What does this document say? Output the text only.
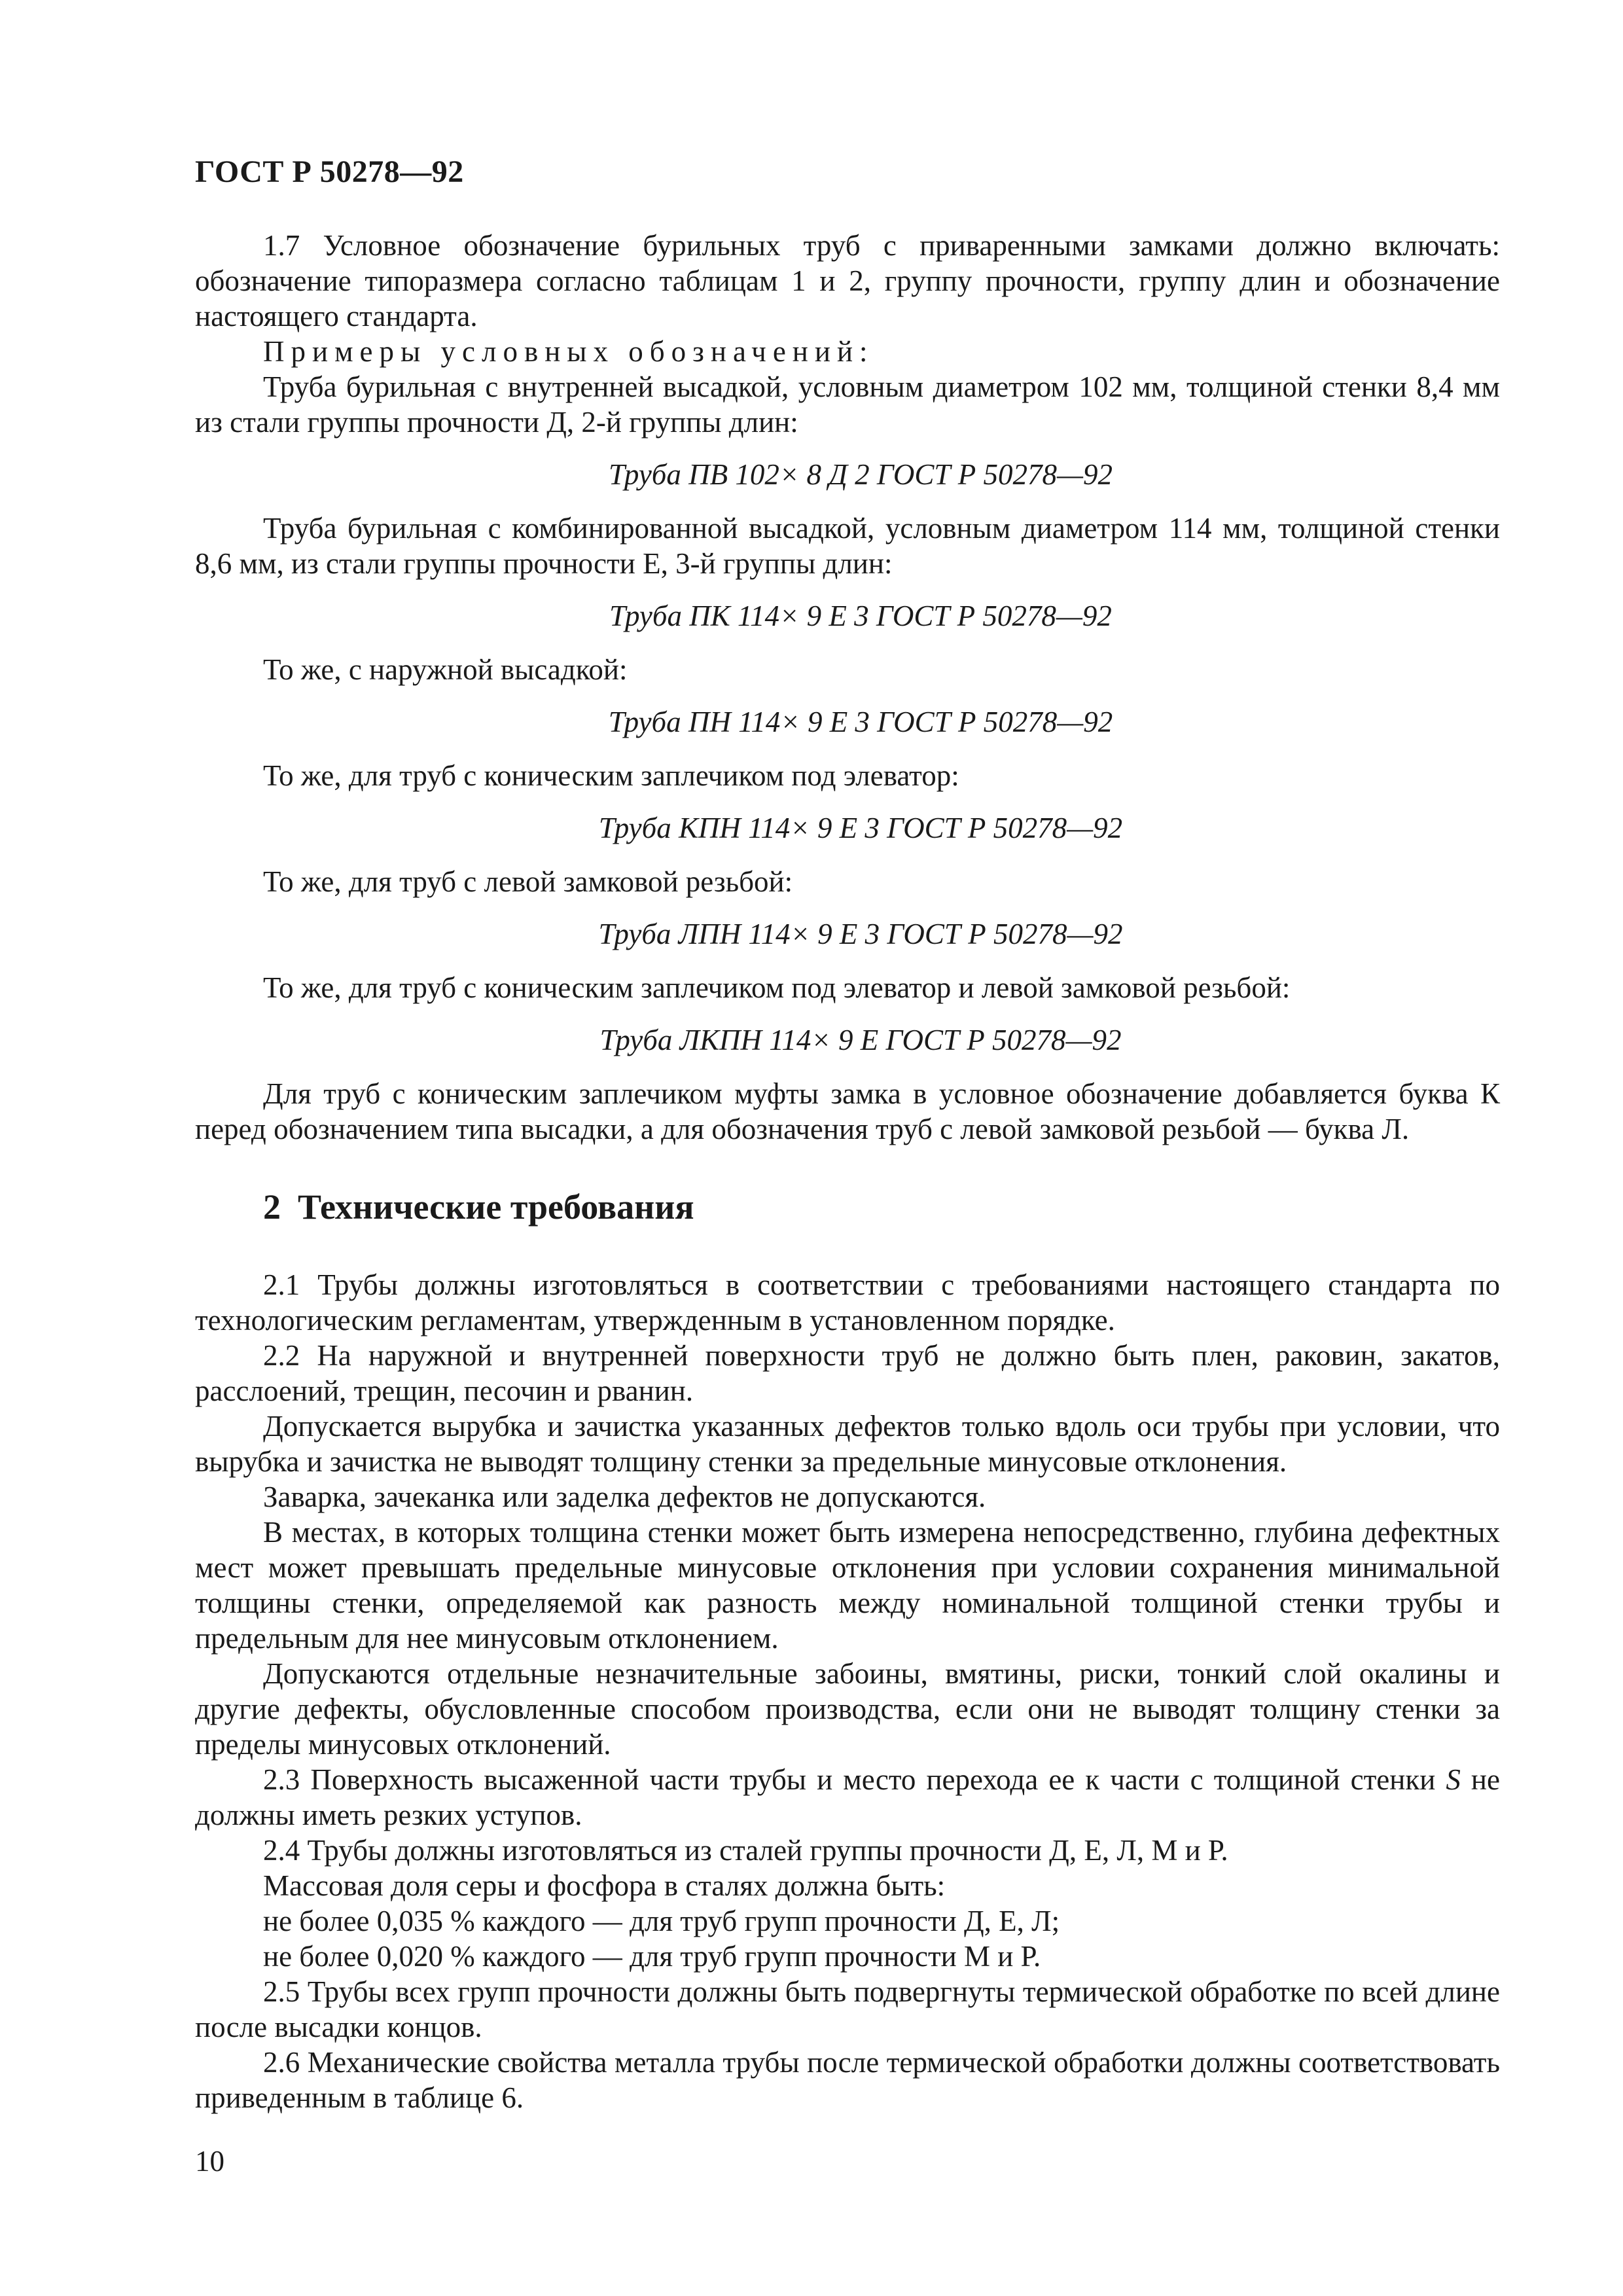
ГОСТ Р 50278—92

1.7 Условное обозначение бурильных труб с приваренными замками должно включать: обозначение типоразмера согласно таблицам 1 и 2, группу прочности, группу длин и обозначение настоящего стандарта.

Примеры условных обозначений:

Труба бурильная с внутренней высадкой, условным диаметром 102 мм, толщиной стенки 8,4 мм из стали группы прочности Д, 2-й группы длин:

Труба ПВ 102× 8 Д 2 ГОСТ Р 50278—92

Труба бурильная с комбинированной высадкой, условным диаметром 114 мм, толщиной стенки 8,6 мм, из стали группы прочности Е, 3-й группы длин:

Труба ПК 114× 9 Е 3 ГОСТ Р 50278—92

То же, с наружной высадкой:

Труба ПН 114× 9 Е 3 ГОСТ Р 50278—92

То же, для труб с коническим заплечиком под элеватор:

Труба КПН 114× 9 Е 3 ГОСТ Р 50278—92

То же, для труб с левой замковой резьбой:

Труба ЛПН 114× 9 Е 3 ГОСТ Р 50278—92

То же, для труб с коническим заплечиком под элеватор и левой замковой резьбой:

Труба ЛКПН 114× 9 Е ГОСТ Р 50278—92

Для труб с коническим заплечиком муфты замка в условное обозначение добавляется буква К перед обозначением типа высадки, а для обозначения труб с левой замковой резьбой — буква Л.

2 Технические требования

2.1 Трубы должны изготовляться в соответствии с требованиями настоящего стандарта по технологическим регламентам, утвержденным в установленном порядке.

2.2 На наружной и внутренней поверхности труб не должно быть плен, раковин, закатов, расслоений, трещин, песочин и рванин.

Допускается вырубка и зачистка указанных дефектов только вдоль оси трубы при условии, что вырубка и зачистка не выводят толщину стенки за предельные минусовые отклонения.

Заварка, зачеканка или заделка дефектов не допускаются.

В местах, в которых толщина стенки может быть измерена непосредственно, глубина дефектных мест может превышать предельные минусовые отклонения при условии сохранения минимальной толщины стенки, определяемой как разность между номинальной толщиной стенки трубы и предельным для нее минусовым отклонением.

Допускаются отдельные незначительные забоины, вмятины, риски, тонкий слой окалины и другие дефекты, обусловленные способом производства, если они не выводят толщину стенки за пределы минусовых отклонений.

2.3 Поверхность высаженной части трубы и место перехода ее к части с толщиной стенки S не должны иметь резких уступов.

2.4 Трубы должны изготовляться из сталей группы прочности Д, Е, Л, М и Р.

Массовая доля серы и фосфора в сталях должна быть:

не более 0,035 % каждого — для труб групп прочности Д, Е, Л;

не более 0,020 % каждого — для труб групп прочности М и Р.

2.5 Трубы всех групп прочности должны быть подвергнуты термической обработке по всей длине после высадки концов.

2.6 Механические свойства металла трубы после термической обработки должны соответствовать приведенным в таблице 6.

10
